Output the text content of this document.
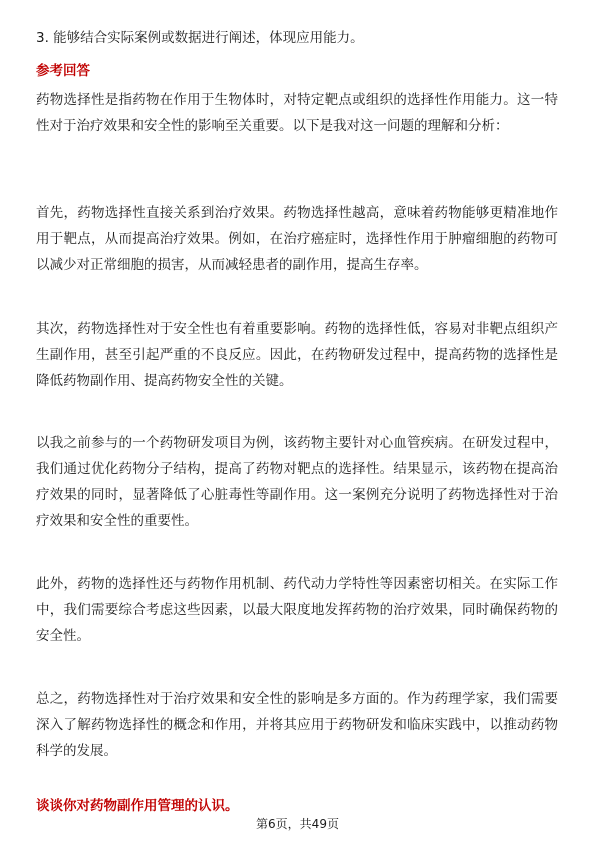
3. 能够结合实际案例或数据进行阐述，体现应用能力。
参考回答

药物选择性是指药物在作用于生物体时，对特定靶点或组织的选择性作用能力。这一特性对于治疗效果和安全性的影响至关重要。以下是我对这一问题的理解和分析：

首先，药物选择性直接关系到治疗效果。药物选择性越高，意味着药物能够更精准地作用于靶点，从而提高治疗效果。例如，在治疗癌症时，选择性作用于肿瘤细胞的药物可以减少对正常细胞的损害，从而减轻患者的副作用，提高生存率。

其次，药物选择性对于安全性也有着重要影响。药物的选择性低，容易对非靶点组织产生副作用，甚至引起严重的不良反应。因此，在药物研发过程中，提高药物的选择性是降低药物副作用、提高药物安全性的关键。

以我之前参与的一个药物研发项目为例，该药物主要针对心血管疾病。在研发过程中，我们通过优化药物分子结构，提高了药物对靶点的选择性。结果显示，该药物在提高治疗效果的同时，显著降低了心脏毒性等副作用。这一案例充分说明了药物选择性对于治疗效果和安全性的重要性。

此外，药物的选择性还与药物作用机制、药代动力学特性等因素密切相关。在实际工作中，我们需要综合考虑这些因素，以最大限度地发挥药物的治疗效果，同时确保药物的安全性。

总之，药物选择性对于治疗效果和安全性的影响是多方面的。作为药理学家，我们需要深入了解药物选择性的概念和作用，并将其应用于药物研发和临床实践中，以推动药物科学的发展。

谈谈你对药物副作用管理的认识。
第6页，共49页
